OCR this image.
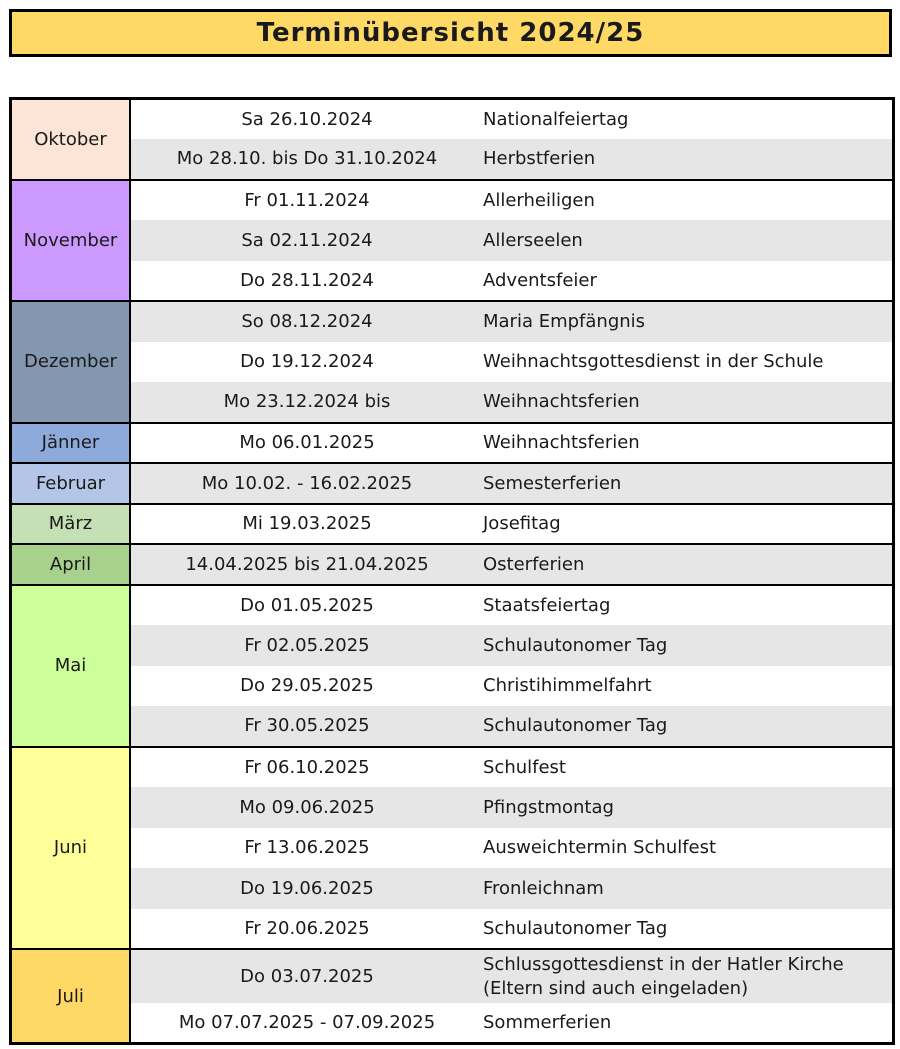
Terminübersicht 2024/25
Oktober	Sa 26.10.2024	Nationalfeiertag
	Mo 28.10. bis Do 31.10.2024	Herbstferien
November	Fr 01.11.2024	Allerheiligen
	Sa 02.11.2024	Allerseelen
	Do 28.11.2024	Adventsfeier
Dezember	So 08.12.2024	Maria Empfängnis
	Do 19.12.2024	Weihnachtsgottesdienst in der Schule
	Mo 23.12.2024 bis	Weihnachtsferien
Jänner	Mo 06.01.2025	Weihnachtsferien
Februar	Mo 10.02. - 16.02.2025	Semesterferien
März	Mi 19.03.2025	Josefitag
April	14.04.2025 bis 21.04.2025	Osterferien
Mai	Do 01.05.2025	Staatsfeiertag
	Fr 02.05.2025	Schulautonomer Tag
	Do 29.05.2025	Christihimmelfahrt
	Fr 30.05.2025	Schulautonomer Tag
Juni	Fr 06.10.2025	Schulfest
	Mo 09.06.2025	Pfingstmontag
	Fr 13.06.2025	Ausweichtermin Schulfest
	Do 19.06.2025	Fronleichnam
	Fr 20.06.2025	Schulautonomer Tag
Juli	Do 03.07.2025	Schlussgottesdienst in der Hatler Kirche
(Eltern sind auch eingeladen)
	Mo 07.07.2025 - 07.09.2025	Sommerferien
